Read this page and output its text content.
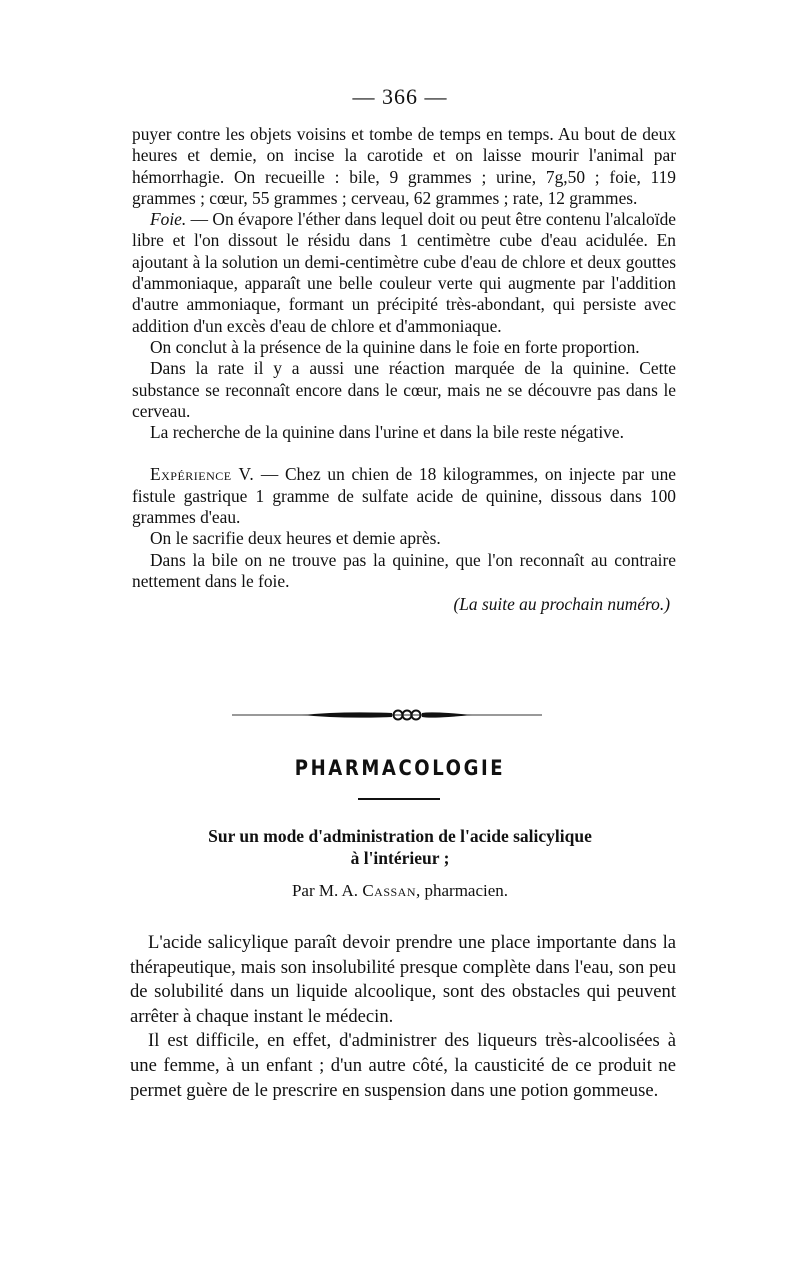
— 366 —

puyer contre les objets voisins et tombe de temps en temps. Au bout de deux heures et demie, on incise la carotide et on laisse mourir l'animal par hémorrhagie. On recueille : bile, 9 grammes ; urine, 7g,50 ; foie, 119 grammes ; cœur, 55 grammes ; cerveau, 62 grammes ; rate, 12 grammes.

Foie. — On évapore l'éther dans lequel doit ou peut être contenu l'alcaloïde libre et l'on dissout le résidu dans 1 centimètre cube d'eau acidulée. En ajoutant à la solution un demi-centimètre cube d'eau de chlore et deux gouttes d'ammoniaque, apparaît une belle couleur verte qui augmente par l'addition d'autre ammoniaque, formant un précipité très-abondant, qui persiste avec addition d'un excès d'eau de chlore et d'ammoniaque.

On conclut à la présence de la quinine dans le foie en forte proportion.

Dans la rate il y a aussi une réaction marquée de la quinine. Cette substance se reconnaît encore dans le cœur, mais ne se découvre pas dans le cerveau.

La recherche de la quinine dans l'urine et dans la bile reste négative.

Expérience V. — Chez un chien de 18 kilogrammes, on injecte par une fistule gastrique 1 gramme de sulfate acide de quinine, dissous dans 100 grammes d'eau.

On le sacrifie deux heures et demie après.

Dans la bile on ne trouve pas la quinine, que l'on reconnaît au contraire nettement dans le foie.

(La suite au prochain numéro.)

PHARMACOLOGIE
Sur un mode d'administration de l'acide salicylique
à l'intérieur ;
Par M. A. Cassan, pharmacien.

L'acide salicylique paraît devoir prendre une place importante dans la thérapeutique, mais son insolubilité presque complète dans l'eau, son peu de solubilité dans un liquide alcoolique, sont des obstacles qui peuvent arrêter à chaque instant le médecin.

Il est difficile, en effet, d'administrer des liqueurs très-alcoolisées à une femme, à un enfant ; d'un autre côté, la causticité de ce produit ne permet guère de le prescrire en suspension dans une potion gommeuse.
